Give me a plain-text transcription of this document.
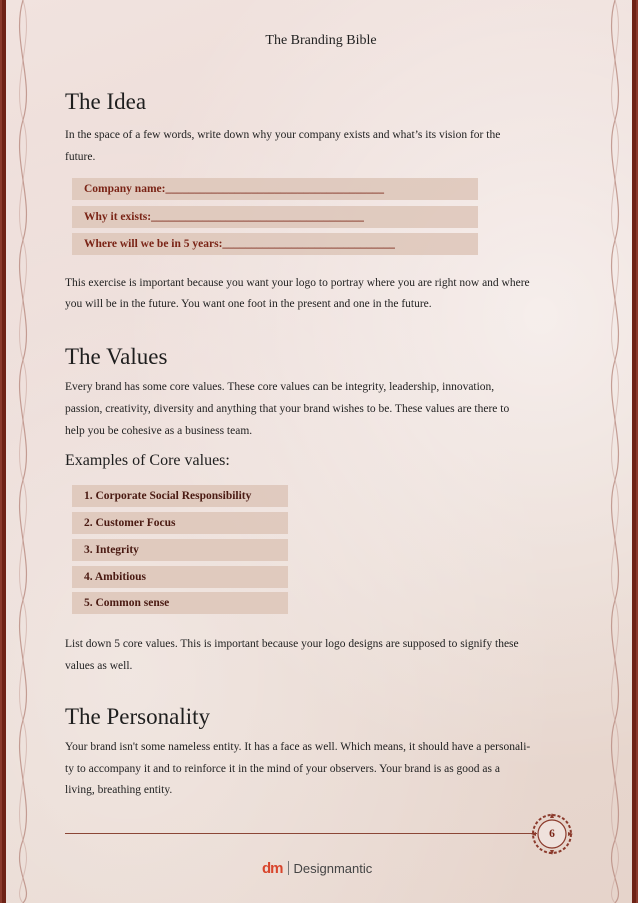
The Branding Bible
The Idea

In the space of a few words, write down why your company exists and what’s its vision for the

future.

Company name:______________________________________
Why it exists:_____________________________________
Where will we be in 5 years:______________________________

This exercise is important because you want your logo to portray where you are right now and where

you will be in the future. You want one foot in the present and one in the future.

The Values

Every brand has some core values. These core values can be integrity, leadership, innovation,

passion, creativity, diversity and anything that your brand wishes to be. These values are there to

help you be cohesive as a business team.

Examples of Core values:
1. Corporate Social Responsibility
2. Customer Focus
3. Integrity
4. Ambitious
5. Common sense

List down 5 core values. This is important because your logo designs are supposed to signify these

values as well.

The Personality

Your brand isn't some nameless entity. It has a face as well. Which means, it should have a personali-

ty to accompany it and to reinforce it in the mind of your observers. Your brand is as good as a

living, breathing entity.

6
dm Designmantic
